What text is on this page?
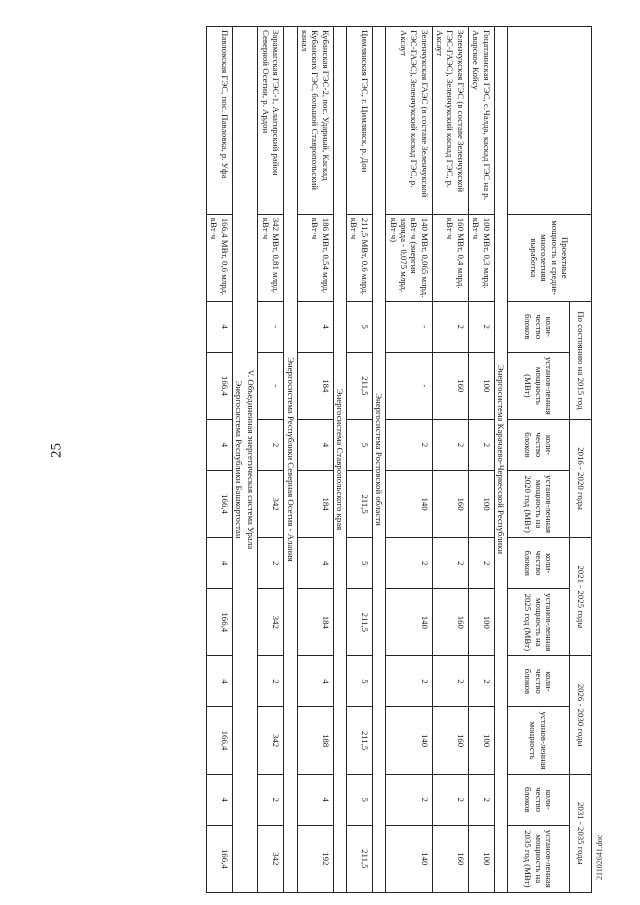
25
21102641.doc
	Проектные мощность и средне-многолетняя выработка	По состоянию на 2015 год		2016 - 2020 годы		2021 - 2025 годы		2026 - 2030 годы		2031 - 2035 годы	
		коли-чество блоков	установ-ленная мощность (МВт)	коли-чество блоков	установ-ленная мощность на 2020 год (МВт)	коли-чество блоков	установ-ленная мощность на 2025 год (МВт)	коли-чество блоков	установ-ленная мощность	коли-чество блоков	установ-ленная мощность на 2035 год (МВт)
Энергосистема Карачаево-Черкесской Республики											
Гоцатлинская ГЭС, с.Чалда, каскад ГЭС на р. Аварское Койсу	100 МВт, 0,3 млрд. кВт·ч	2	100	2	100	2	100	2	100	2	100
Зеленчукская ГЭС (в составе Зеленчукской ГЭС-ГАЭС), Зеленчукский каскад ГЭС, р. Аксаут	160 МВт, 0,4 млрд. кВт·ч	2	160	2	160	2	160	2	160	2	160
Зеленчукская ГАЭС (в составе Зеленчукской ГЭС-ГАЭС), Зеленчукский каскад ГЭС, р. Аксаут	140 МВт, 0,065 млрд. кВт·ч (энергия заряда - 0,075 млрд. кВт·ч)	-	-	2	140	2	140	2	140	2	140
Энергосистема Ростовской области											
Цимлянская ГЭС, г. Цимлянск, р. Дон	211,5 МВт, 0,6 млрд. кВт·ч	5	211,5	5	211,5	5	211,5	5	211,5	5	211,5
Энергосистема Ставропольского края											
Кубанская ГЭС-2, пос. Ударный, Каскад Кубанских ГЭС, большой Ставропольский канал	186 МВт, 0,54 млрд. кВт·ч	4	184	4	184	4	184	4	188	4	192
Энергосистема Республики Северная Осетия - Алания											
Зарамагская ГЭС-1, Алагирский район Северной Осетии, р. Ардон	342 МВт, 0,81 млрд. кВт·ч	-	-	2	342	2	342	2	342	2	342
V. Объединенная энергетическая система Урала											
Энергосистема Республики Башкортостан											
Павловская ГЭС, пос. Павловка, р. Уфа	166,4 МВт, 0,6 млрд. кВт·ч	4	166,4	4	166,4	4	166,4	4	166,4	4	166,4
